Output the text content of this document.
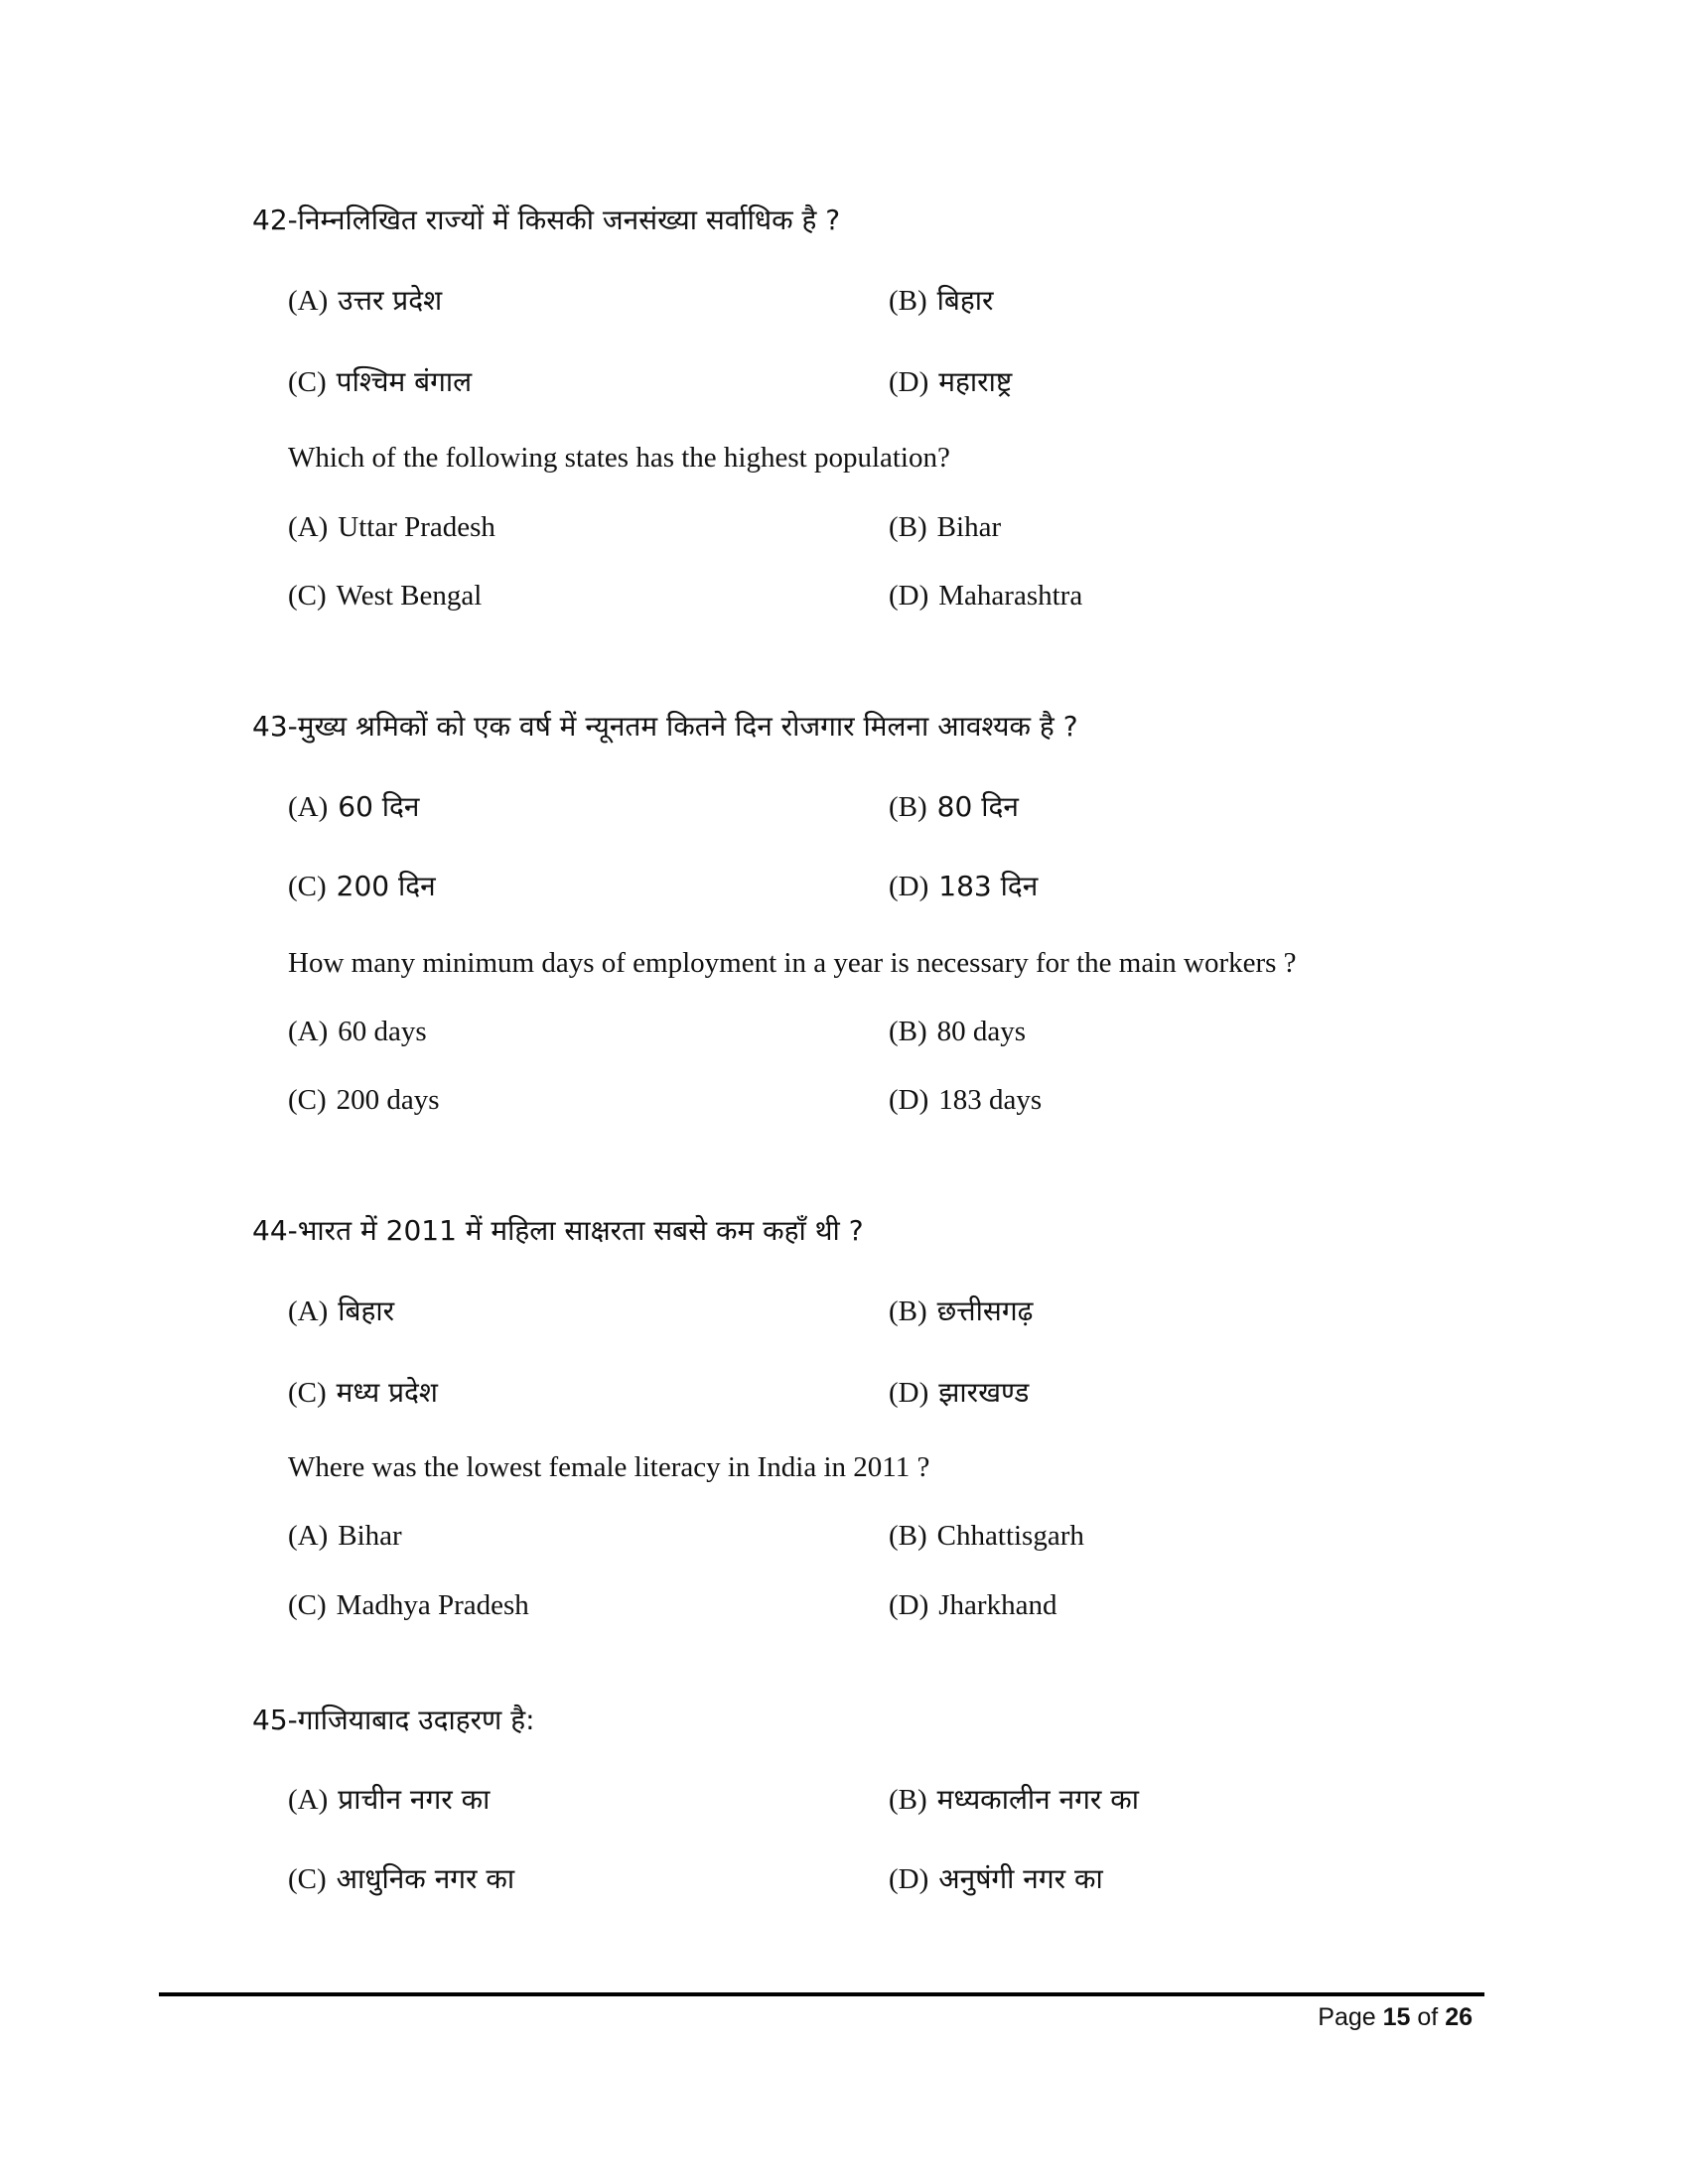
42-निम्नलिखित राज्यों में किसकी जनसंख्या सर्वाधिक है ?
(A) उत्तर प्रदेश	(B) बिहार
(C) पश्चिम बंगाल	(D) महाराष्ट्र
Which of the following states has the highest population?
(A) Uttar Pradesh	(B) Bihar
(C) West Bengal	(D) Maharashtra
43-मुख्य श्रमिकों को एक वर्ष में न्यूनतम कितने दिन रोजगार मिलना आवश्यक है ?
(A) 60 दिन	(B) 80 दिन
(C) 200 दिन	(D) 183 दिन
How many minimum days of employment in a year is necessary for the main workers ?
(A) 60 days	(B) 80 days
(C) 200 days	(D) 183 days
44-भारत में 2011 में महिला साक्षरता सबसे कम कहाँ थी ?
(A) बिहार	(B) छत्तीसगढ़
(C) मध्य प्रदेश	(D) झारखण्ड
Where was the lowest female literacy in India in 2011 ?
(A) Bihar	(B) Chhattisgarh
(C) Madhya Pradesh	(D) Jharkhand
45-गाजियाबाद उदाहरण है:
(A) प्राचीन नगर का	(B) मध्यकालीन नगर का
(C) आधुनिक नगर का	(D) अनुषंगी नगर का
Page 15 of 26
